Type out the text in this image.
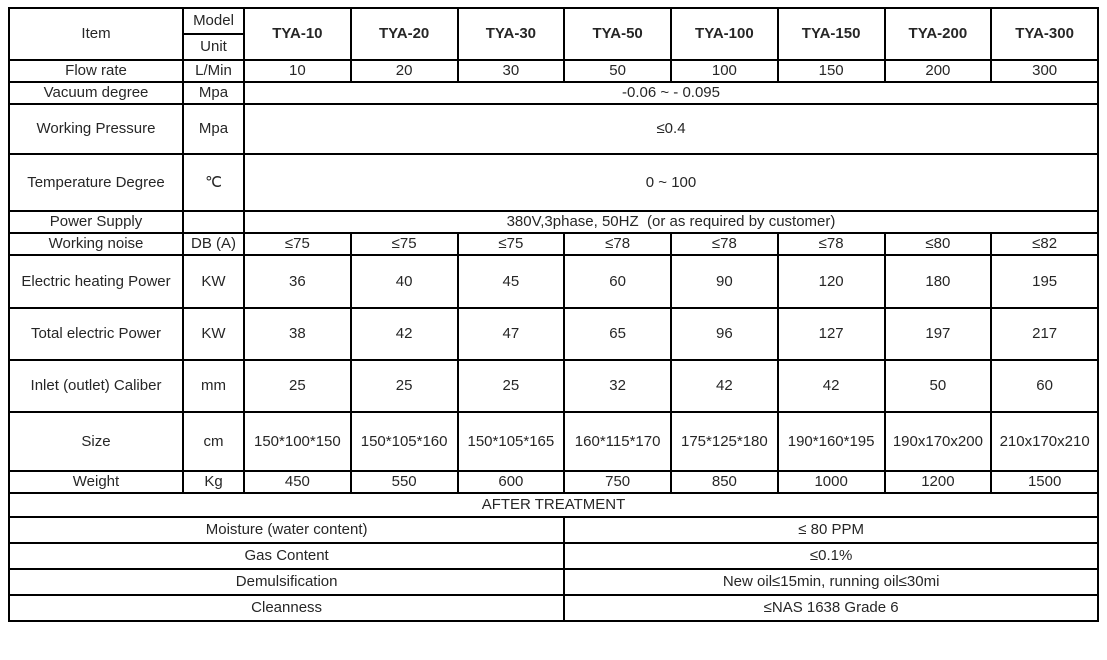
Item	Model	TYA-10	TYA-20	TYA-30	TYA-50	TYA-100	TYA-150	TYA-200	TYA-300
	Unit								
Flow rate	L/Min	10	20	30	50	100	150	200	300
Vacuum degree	Mpa	-0.06 ~ - 0.095							
Working Pressure	Mpa	≤0.4							
Temperature Degree	℃	0 ~ 100							
Power Supply		380V,3phase, 50HZ  (or as required by customer)							
Working noise	DB (A)	≤75	≤75	≤75	≤78	≤78	≤78	≤80	≤82
Electric heating Power	KW	36	40	45	60	90	120	180	195
Total electric Power	KW	38	42	47	65	96	127	197	217
Inlet (outlet) Caliber	mm	25	25	25	32	42	42	50	60
Size	cm	150*100*150	150*105*160	150*105*165	160*115*170	175*125*180	190*160*195	190x170x200	210x170x210
Weight	Kg	450	550	600	750	850	1000	1200	1500
AFTER TREATMENT									
Moisture (water content)					≤ 80 PPM				
Gas Content					≤0.1%				
Demulsification					New oil≤15min, running oil≤30mi				
Cleanness					≤NAS 1638 Grade 6				
